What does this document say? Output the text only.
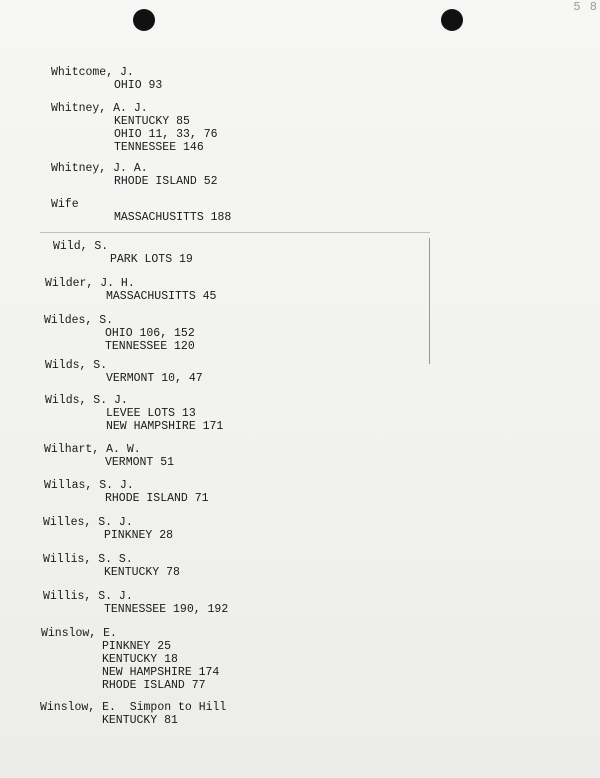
5 8
Whitcome, J.
OHIO 93
Whitney, A. J.
KENTUCKY 85
OHIO 11, 33, 76
TENNESSEE 146
Whitney, J. A.
RHODE ISLAND 52
Wife
MASSACHUSITTS 188
Wild, S.
PARK LOTS 19
Wilder, J. H.
MASSACHUSITTS 45
Wildes, S.
OHIO 106, 152
TENNESSEE 120
Wilds, S.
VERMONT 10, 47
Wilds, S. J.
LEVEE LOTS 13
NEW HAMPSHIRE 171
Wilhart, A. W.
VERMONT 51
Willas, S. J.
RHODE ISLAND 71
Willes, S. J.
PINKNEY 28
Willis, S. S.
KENTUCKY 78
Willis, S. J.
TENNESSEE 190, 192
Winslow, E.
PINKNEY 25
KENTUCKY 18
NEW HAMPSHIRE 174
RHODE ISLAND 77
Winslow, E.  Simpon to Hill
KENTUCKY 81
